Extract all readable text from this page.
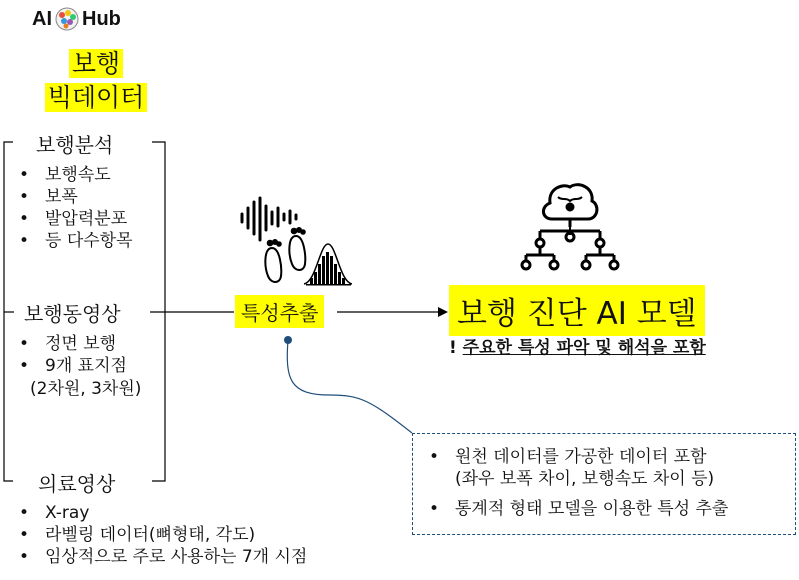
AI Hub
보행
빅데이터
보행분석
• 보행속도
• 보폭
• 발압력분포
• 등 다수항목
보행동영상
• 정면 보행
• 9개 표지점
(2차원, 3차원)
의료영상
• X-ray
• 라벨링 데이터(뼈형태, 각도)
• 임상적으로 주로 사용하는 7개 시점
특성추출	보행 진단 AI 모델
! 주요한 특성 파악 및 해석을 포함
• 원천 데이터를 가공한 데이터 포함
(좌우 보폭 차이, 보행속도 차이 등)
• 통계적 형태 모델을 이용한 특성 추출
